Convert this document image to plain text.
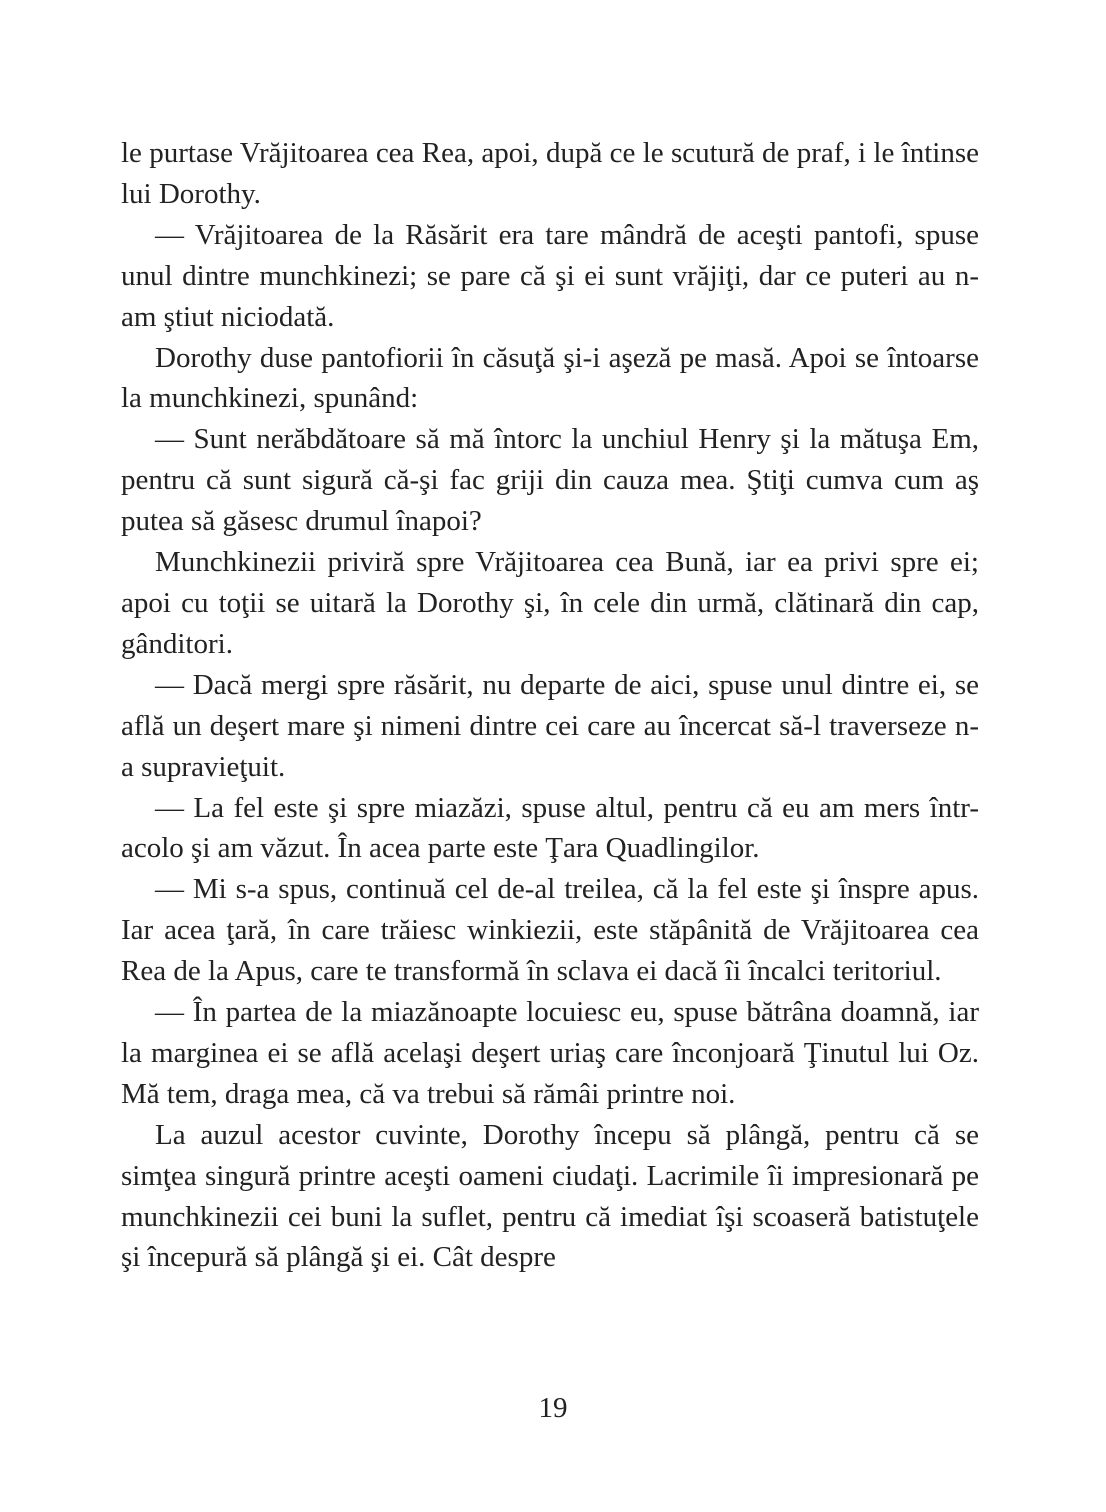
le purtase Vrăjitoarea cea Rea, apoi, după ce le scutură de praf, i le întinse lui Dorothy.

— Vrăjitoarea de la Răsărit era tare mândră de aceşti pantofi, spuse unul dintre munchkinezi; se pare că şi ei sunt vrăjiţi, dar ce puteri au n-am ştiut niciodată.

Dorothy duse pantofiorii în căsuţă şi-i aşeză pe masă. Apoi se întoarse la munchkinezi, spunând:

— Sunt nerăbdătoare să mă întorc la unchiul Henry şi la mătuşa Em, pentru că sunt sigură că-şi fac griji din cauza mea. Ştiţi cumva cum aş putea să găsesc drumul înapoi?

Munchkinezii priviră spre Vrăjitoarea cea Bună, iar ea privi spre ei; apoi cu toţii se uitară la Dorothy şi, în cele din urmă, clătinară din cap, gânditori.

— Dacă mergi spre răsărit, nu departe de aici, spuse unul dintre ei, se află un deşert mare şi nimeni dintre cei care au încercat să-l traverseze n-a supravieţuit.

— La fel este şi spre miazăzi, spuse altul, pentru că eu am mers într-acolo şi am văzut. În acea parte este Ţara Quadlingilor.

— Mi s-a spus, continuă cel de-al treilea, că la fel este şi înspre apus. Iar acea ţară, în care trăiesc winkiezii, este stăpânită de Vrăjitoarea cea Rea de la Apus, care te transformă în sclava ei dacă îi încalci teritoriul.

— În partea de la miazănoapte locuiesc eu, spuse bătrâna doamnă, iar la marginea ei se află acelaşi deşert uriaş care înconjoară Ţinutul lui Oz. Mă tem, draga mea, că va trebui să rămâi printre noi.

La auzul acestor cuvinte, Dorothy începu să plângă, pentru că se simţea singură printre aceşti oameni ciudaţi. Lacrimile îi impresionară pe munchkinezii cei buni la suflet, pentru că imediat îşi scoaseră batistuţele şi începură să plângă şi ei. Cât despre

19
